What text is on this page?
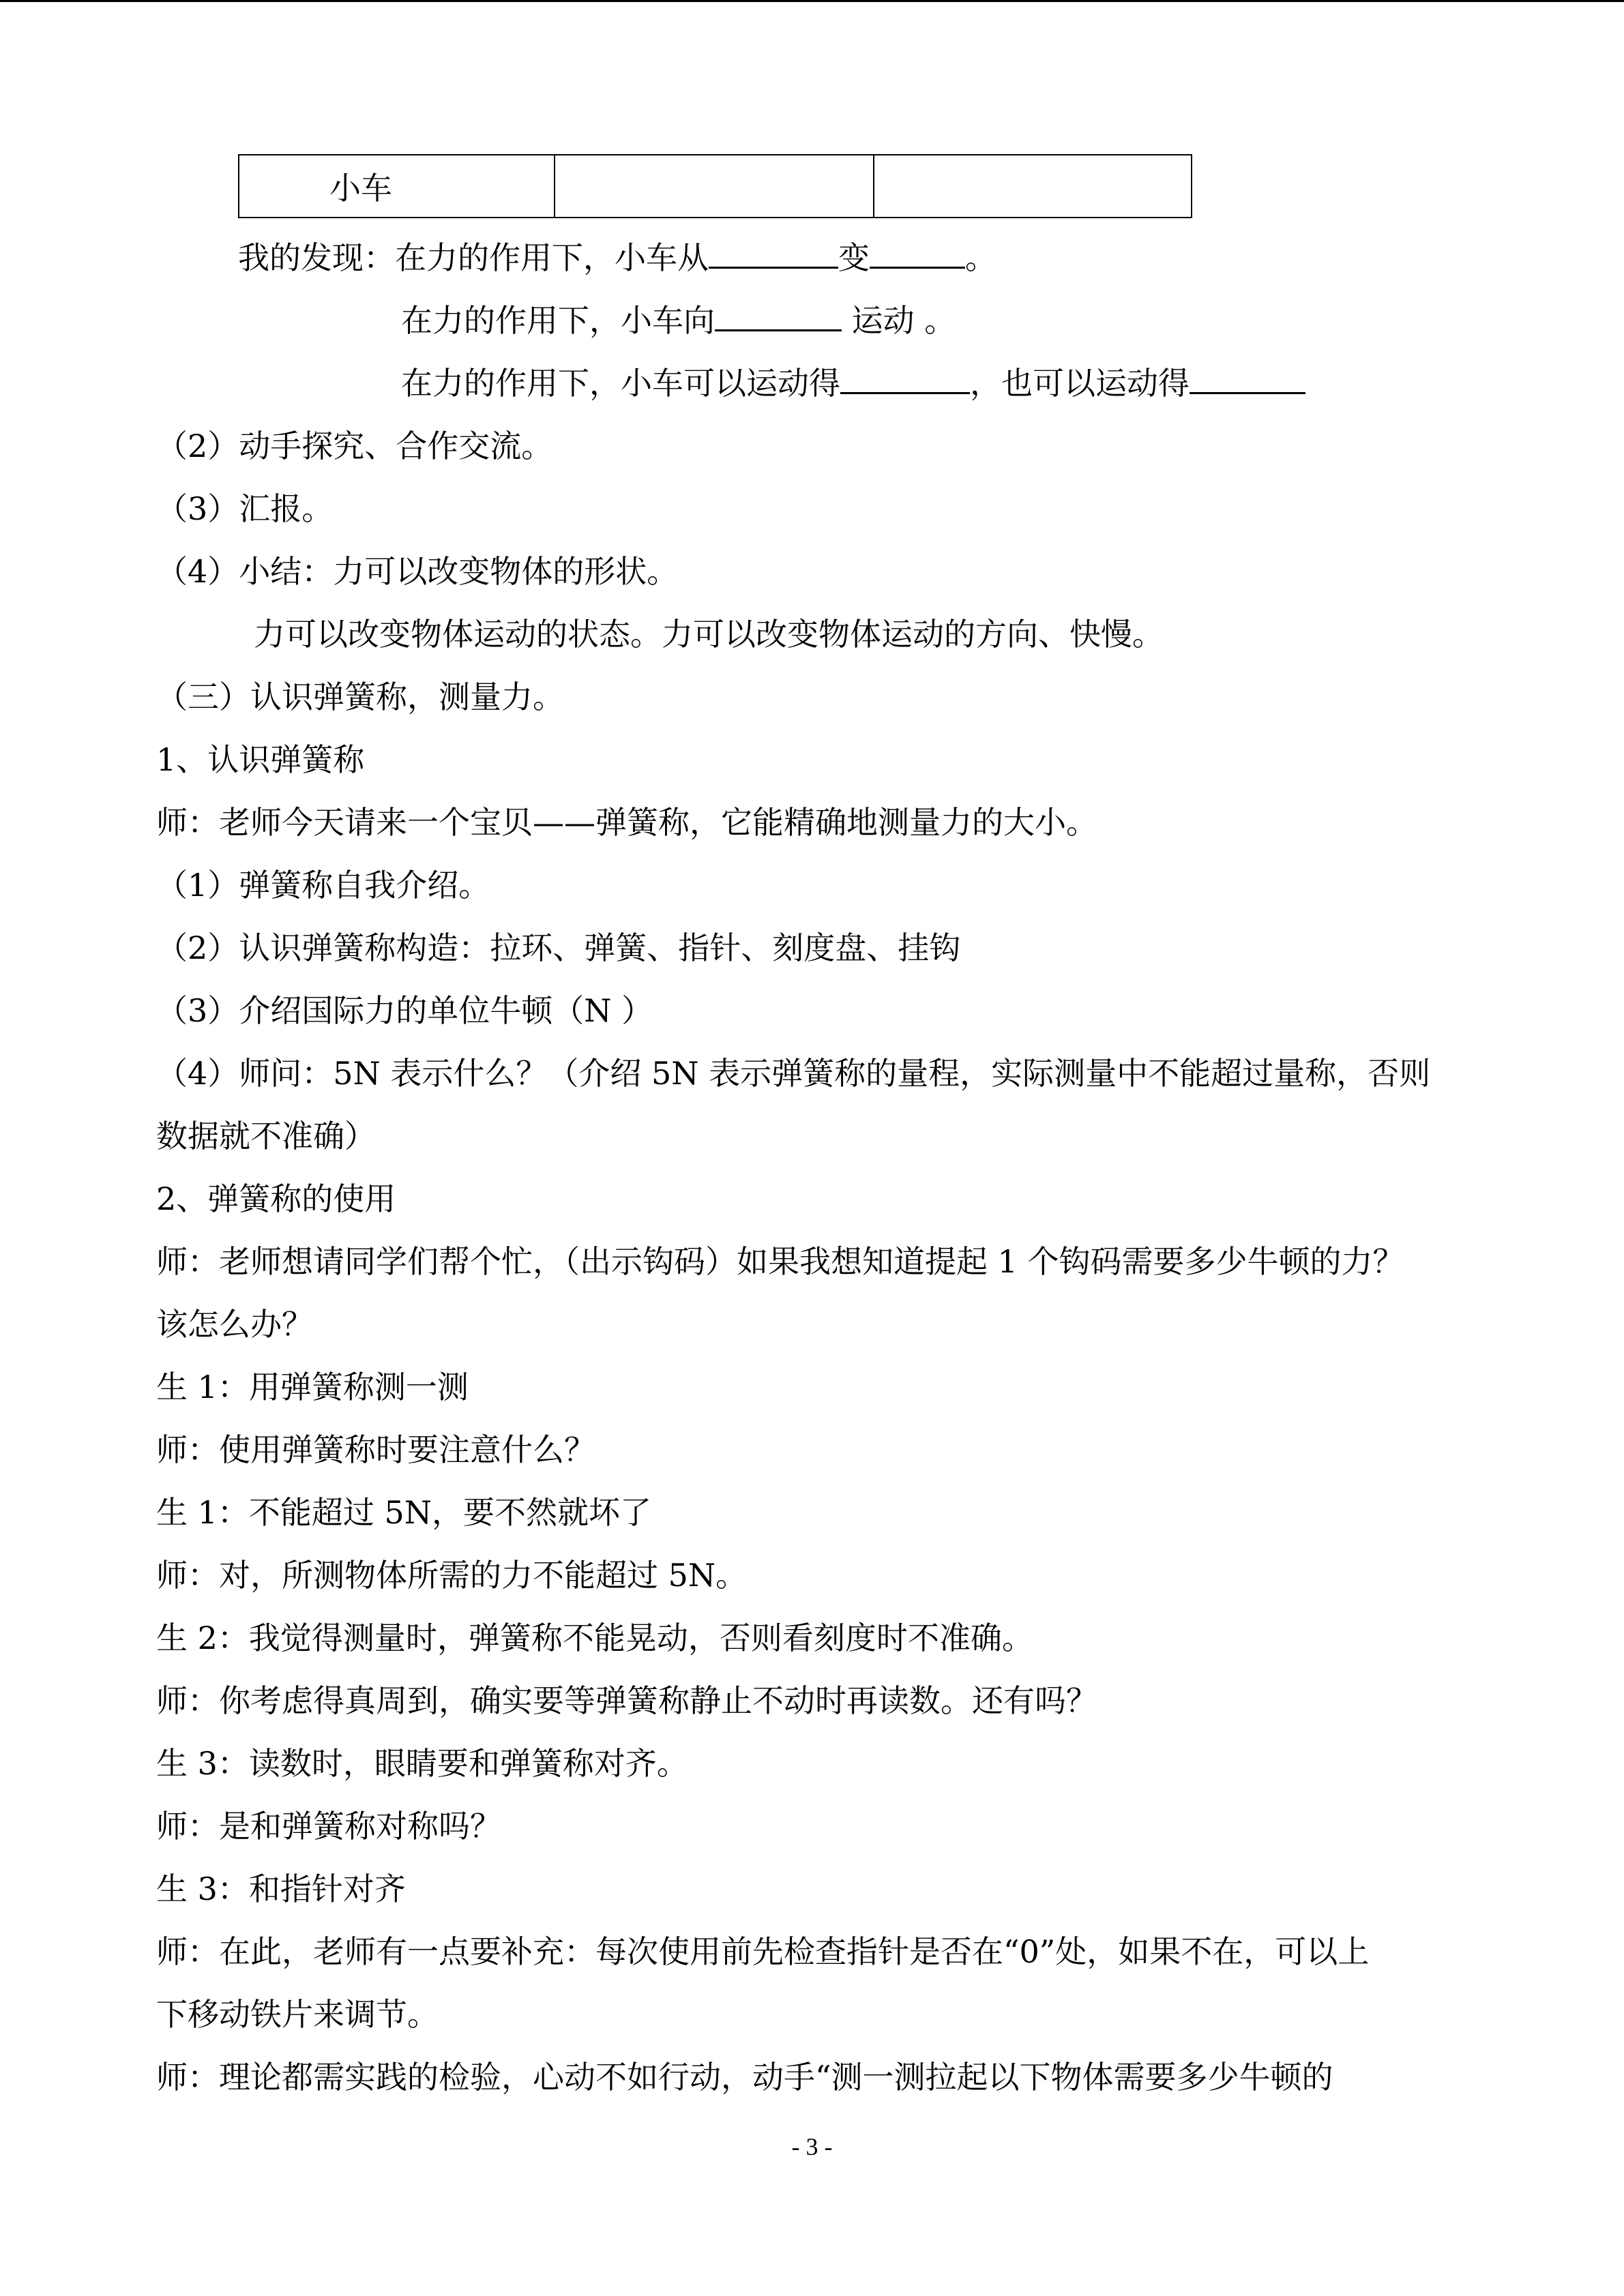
小车		
我的发现：在力的作用下，小车从	变	。
在力的作用下，小车向	运动 。
在力的作用下，小车可以运动得	，也可以运动得
（2）动手探究、合作交流。
（3）汇报。
（4）小结：力可以改变物体的形状。
力可以改变物体运动的状态。力可以改变物体运动的方向、快慢。
（三）认识弹簧称，测量力。
1、认识弹簧称
师：老师今天请来一个宝贝——弹簧称，它能精确地测量力的大小。
（1）弹簧称自我介绍。
（2）认识弹簧称构造：拉环、弹簧、指针、刻度盘、挂钩
（3）介绍国际力的单位牛顿（N ）
（4）师问：5N 表示什么？（介绍 5N 表示弹簧称的量程，实际测量中不能超过量称，否则
数据就不准确）
2、弹簧称的使用
师：老师想请同学们帮个忙，（出示钩码）如果我想知道提起 1 个钩码需要多少牛顿的力？
该怎么办？
生 1：用弹簧称测一测
师：使用弹簧称时要注意什么？
生 1：不能超过 5N，要不然就坏了
师：对，所测物体所需的力不能超过 5N。
生 2：我觉得测量时，弹簧称不能晃动，否则看刻度时不准确。
师：你考虑得真周到，确实要等弹簧称静止不动时再读数。还有吗？
生 3：读数时，眼睛要和弹簧称对齐。
师：是和弹簧称对称吗？
生 3：和指针对齐
师：在此，老师有一点要补充：每次使用前先检查指针是否在“0”处，如果不在，可以上
下移动铁片来调节。
师：理论都需实践的检验，心动不如行动，动手“测一测拉起以下物体需要多少牛顿的
- 3 -
